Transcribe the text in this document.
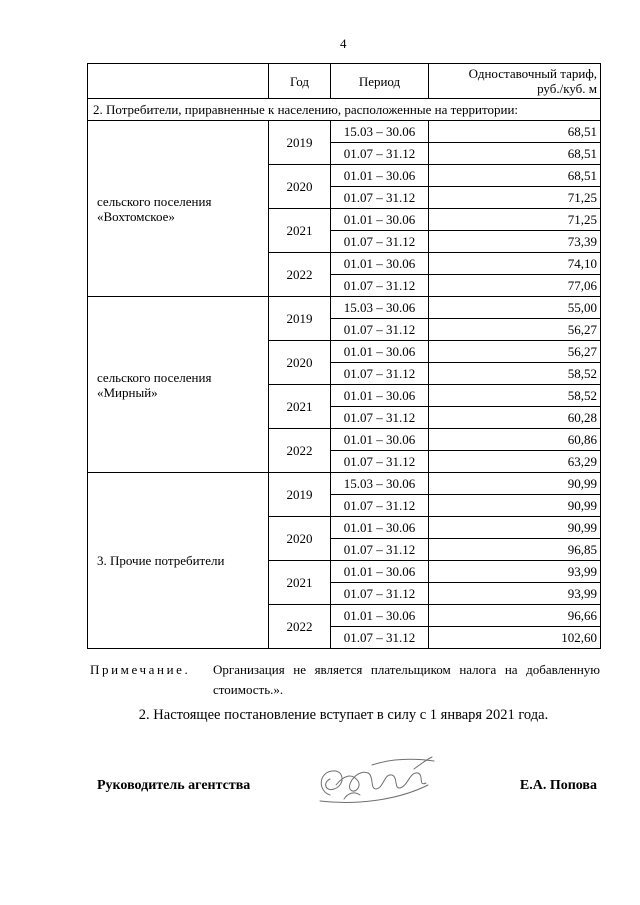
4
	Год	Период	Одноставочный тариф,
руб./куб. м

2. Потребители, приравненные к населению, расположенные на территории:			

сельского поселения
«Вохтомское»	2019	15.03 – 30.06	68,51
		01.07 – 31.12	68,51
	2020	01.01 – 30.06	68,51
		01.07 – 31.12	71,25
	2021	01.01 – 30.06	71,25
		01.07 – 31.12	73,39
	2022	01.01 – 30.06	74,10
		01.07 – 31.12	77,06

сельского поселения
«Мирный»	2019	15.03 – 30.06	55,00
		01.07 – 31.12	56,27
	2020	01.01 – 30.06	56,27
		01.07 – 31.12	58,52
	2021	01.01 – 30.06	58,52
		01.07 – 31.12	60,28
	2022	01.01 – 30.06	60,86
		01.07 – 31.12	63,29

3. Прочие потребители	2019	15.03 – 30.06	90,99
		01.07 – 31.12	90,99
	2020	01.01 – 30.06	90,99
		01.07 – 31.12	96,85
	2021	01.01 – 30.06	93,99
		01.07 – 31.12	93,99
	2022	01.01 – 30.06	96,66
		01.07 – 31.12	102,60
Примечание. Организация не является плательщиком налога на добавленную стоимость.».
2. Настоящее постановление вступает в силу с 1 января 2021 года.
Руководитель агентства	Е.А. Попова
